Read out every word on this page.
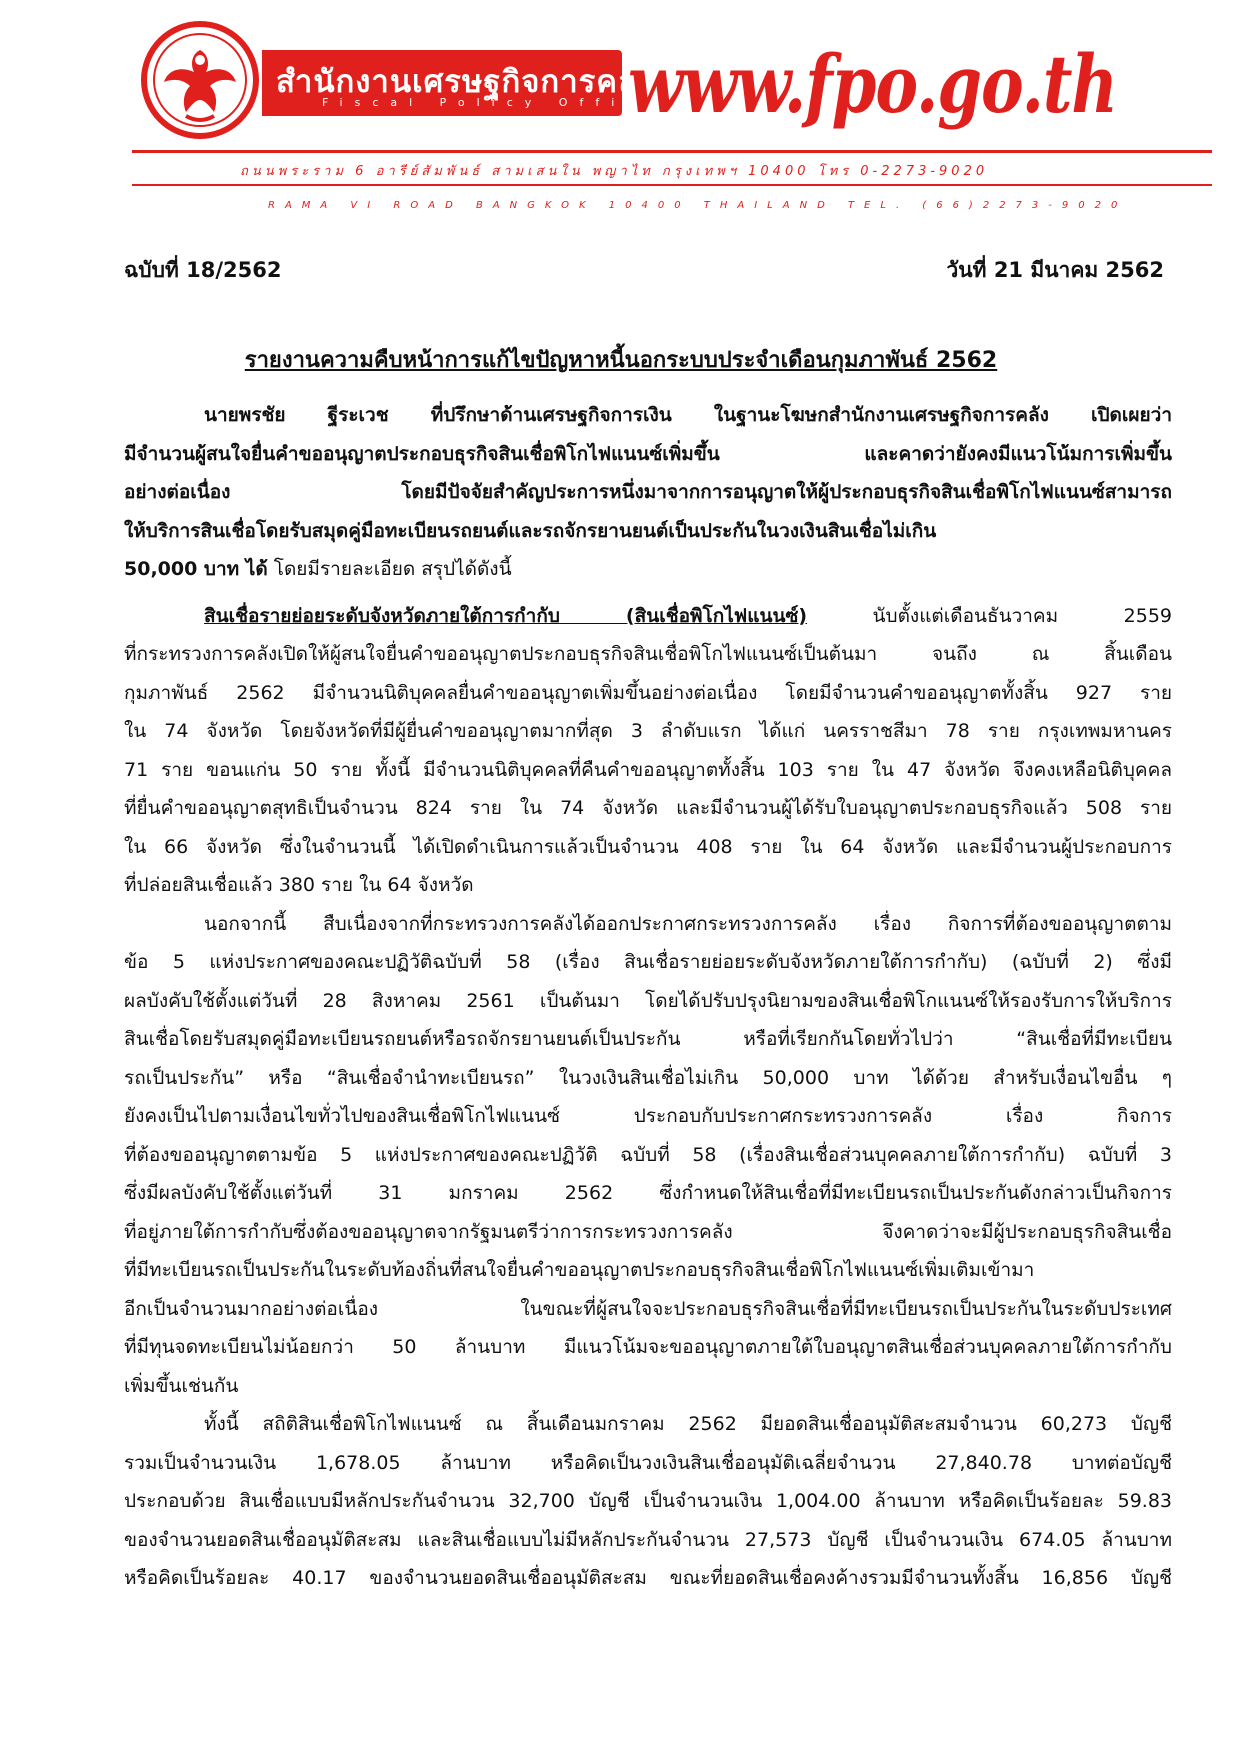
สำนักงานเศรษฐกิจการคลัง
Fiscal Policy Office
www.fpo.go.th
ถนนพระราม 6 อารีย์สัมพันธ์ สามเสนใน พญาไท กรุงเทพฯ 10400 โทร 0-2273-9020
RAMA VI ROAD BANGKOK 10400 THAILAND TEL. (66)2273-9020
ฉบับที่ 18/2562	วันที่ 21 มีนาคม 2562
รายงานความคืบหน้าการแก้ไขปัญหาหนี้นอกระบบประจำเดือนกุมภาพันธ์ 2562
นายพรชัย ฐีระเวช ที่ปรึกษาด้านเศรษฐกิจการเงิน ในฐานะโฆษกสำนักงานเศรษฐกิจการคลัง เปิดเผยว่า
มีจำนวนผู้สนใจยื่นคำขออนุญาตประกอบธุรกิจสินเชื่อพิโกไฟแนนซ์เพิ่มขึ้น และคาดว่ายังคงมีแนวโน้มการเพิ่มขึ้น
อย่างต่อเนื่อง โดยมีปัจจัยสำคัญประการหนึ่งมาจากการอนุญาตให้ผู้ประกอบธุรกิจสินเชื่อพิโกไฟแนนซ์สามารถ
ให้บริการสินเชื่อโดยรับสมุดคู่มือทะเบียนรถยนต์และรถจักรยานยนต์เป็นประกันในวงเงินสินเชื่อไม่เกิน
50,000 บาท ได้ โดยมีรายละเอียด สรุปได้ดังนี้
สินเชื่อรายย่อยระดับจังหวัดภายใต้การกำกับ (สินเชื่อพิโกไฟแนนซ์) นับตั้งแต่เดือนธันวาคม 2559
ที่กระทรวงการคลังเปิดให้ผู้สนใจยื่นคำขออนุญาตประกอบธุรกิจสินเชื่อพิโกไฟแนนซ์เป็นต้นมา จนถึง ณ สิ้นเดือน
กุมภาพันธ์ 2562 มีจำนวนนิติบุคคลยื่นคำขออนุญาตเพิ่มขึ้นอย่างต่อเนื่อง โดยมีจำนวนคำขออนุญาตทั้งสิ้น 927 ราย
ใน 74 จังหวัด โดยจังหวัดที่มีผู้ยื่นคำขออนุญาตมากที่สุด 3 ลำดับแรก ได้แก่ นครราชสีมา 78 ราย กรุงเทพมหานคร
71 ราย ขอนแก่น 50 ราย ทั้งนี้ มีจำนวนนิติบุคคลที่คืนคำขออนุญาตทั้งสิ้น 103 ราย ใน 47 จังหวัด จึงคงเหลือนิติบุคคล
ที่ยื่นคำขออนุญาตสุทธิเป็นจำนวน 824 ราย ใน 74 จังหวัด และมีจำนวนผู้ได้รับใบอนุญาตประกอบธุรกิจแล้ว 508 ราย
ใน 66 จังหวัด ซึ่งในจำนวนนี้ ได้เปิดดำเนินการแล้วเป็นจำนวน 408 ราย ใน 64 จังหวัด และมีจำนวนผู้ประกอบการ
ที่ปล่อยสินเชื่อแล้ว 380 ราย ใน 64 จังหวัด
นอกจากนี้ สืบเนื่องจากที่กระทรวงการคลังได้ออกประกาศกระทรวงการคลัง เรื่อง กิจการที่ต้องขออนุญาตตาม
ข้อ 5 แห่งประกาศของคณะปฏิวัติฉบับที่ 58 (เรื่อง สินเชื่อรายย่อยระดับจังหวัดภายใต้การกำกับ) (ฉบับที่ 2) ซึ่งมี
ผลบังคับใช้ตั้งแต่วันที่ 28 สิงหาคม 2561 เป็นต้นมา โดยได้ปรับปรุงนิยามของสินเชื่อพิโกแนนซ์ให้รองรับการให้บริการ
สินเชื่อโดยรับสมุดคู่มือทะเบียนรถยนต์หรือรถจักรยานยนต์เป็นประกัน หรือที่เรียกกันโดยทั่วไปว่า “สินเชื่อที่มีทะเบียน
รถเป็นประกัน” หรือ “สินเชื่อจำนำทะเบียนรถ” ในวงเงินสินเชื่อไม่เกิน 50,000 บาท ได้ด้วย สำหรับเงื่อนไขอื่น ๆ
ยังคงเป็นไปตามเงื่อนไขทั่วไปของสินเชื่อพิโกไฟแนนซ์ ประกอบกับประกาศกระทรวงการคลัง เรื่อง กิจการ
ที่ต้องขออนุญาตตามข้อ 5 แห่งประกาศของคณะปฏิวัติ ฉบับที่ 58 (เรื่องสินเชื่อส่วนบุคคลภายใต้การกำกับ) ฉบับที่ 3
ซึ่งมีผลบังคับใช้ตั้งแต่วันที่ 31 มกราคม 2562 ซึ่งกำหนดให้สินเชื่อที่มีทะเบียนรถเป็นประกันดังกล่าวเป็นกิจการ
ที่อยู่ภายใต้การกำกับซึ่งต้องขออนุญาตจากรัฐมนตรีว่าการกระทรวงการคลัง จึงคาดว่าจะมีผู้ประกอบธุรกิจสินเชื่อ
ที่มีทะเบียนรถเป็นประกันในระดับท้องถิ่นที่สนใจยื่นคำขออนุญาตประกอบธุรกิจสินเชื่อพิโกไฟแนนซ์เพิ่มเติมเข้ามา
อีกเป็นจำนวนมากอย่างต่อเนื่อง ในขณะที่ผู้สนใจจะประกอบธุรกิจสินเชื่อที่มีทะเบียนรถเป็นประกันในระดับประเทศ
ที่มีทุนจดทะเบียนไม่น้อยกว่า 50 ล้านบาท มีแนวโน้มจะขออนุญาตภายใต้ใบอนุญาตสินเชื่อส่วนบุคคลภายใต้การกำกับ
เพิ่มขึ้นเช่นกัน
ทั้งนี้ สถิติสินเชื่อพิโกไฟแนนซ์ ณ สิ้นเดือนมกราคม 2562 มียอดสินเชื่ออนุมัติสะสมจำนวน 60,273 บัญชี
รวมเป็นจำนวนเงิน 1,678.05 ล้านบาท หรือคิดเป็นวงเงินสินเชื่ออนุมัติเฉลี่ยจำนวน 27,840.78 บาทต่อบัญชี
ประกอบด้วย สินเชื่อแบบมีหลักประกันจำนวน 32,700 บัญชี เป็นจำนวนเงิน 1,004.00 ล้านบาท หรือคิดเป็นร้อยละ 59.83
ของจำนวนยอดสินเชื่ออนุมัติสะสม และสินเชื่อแบบไม่มีหลักประกันจำนวน 27,573 บัญชี เป็นจำนวนเงิน 674.05 ล้านบาท
หรือคิดเป็นร้อยละ 40.17 ของจำนวนยอดสินเชื่ออนุมัติสะสม ขณะที่ยอดสินเชื่อคงค้างรวมมีจำนวนทั้งสิ้น 16,856 บัญชี
